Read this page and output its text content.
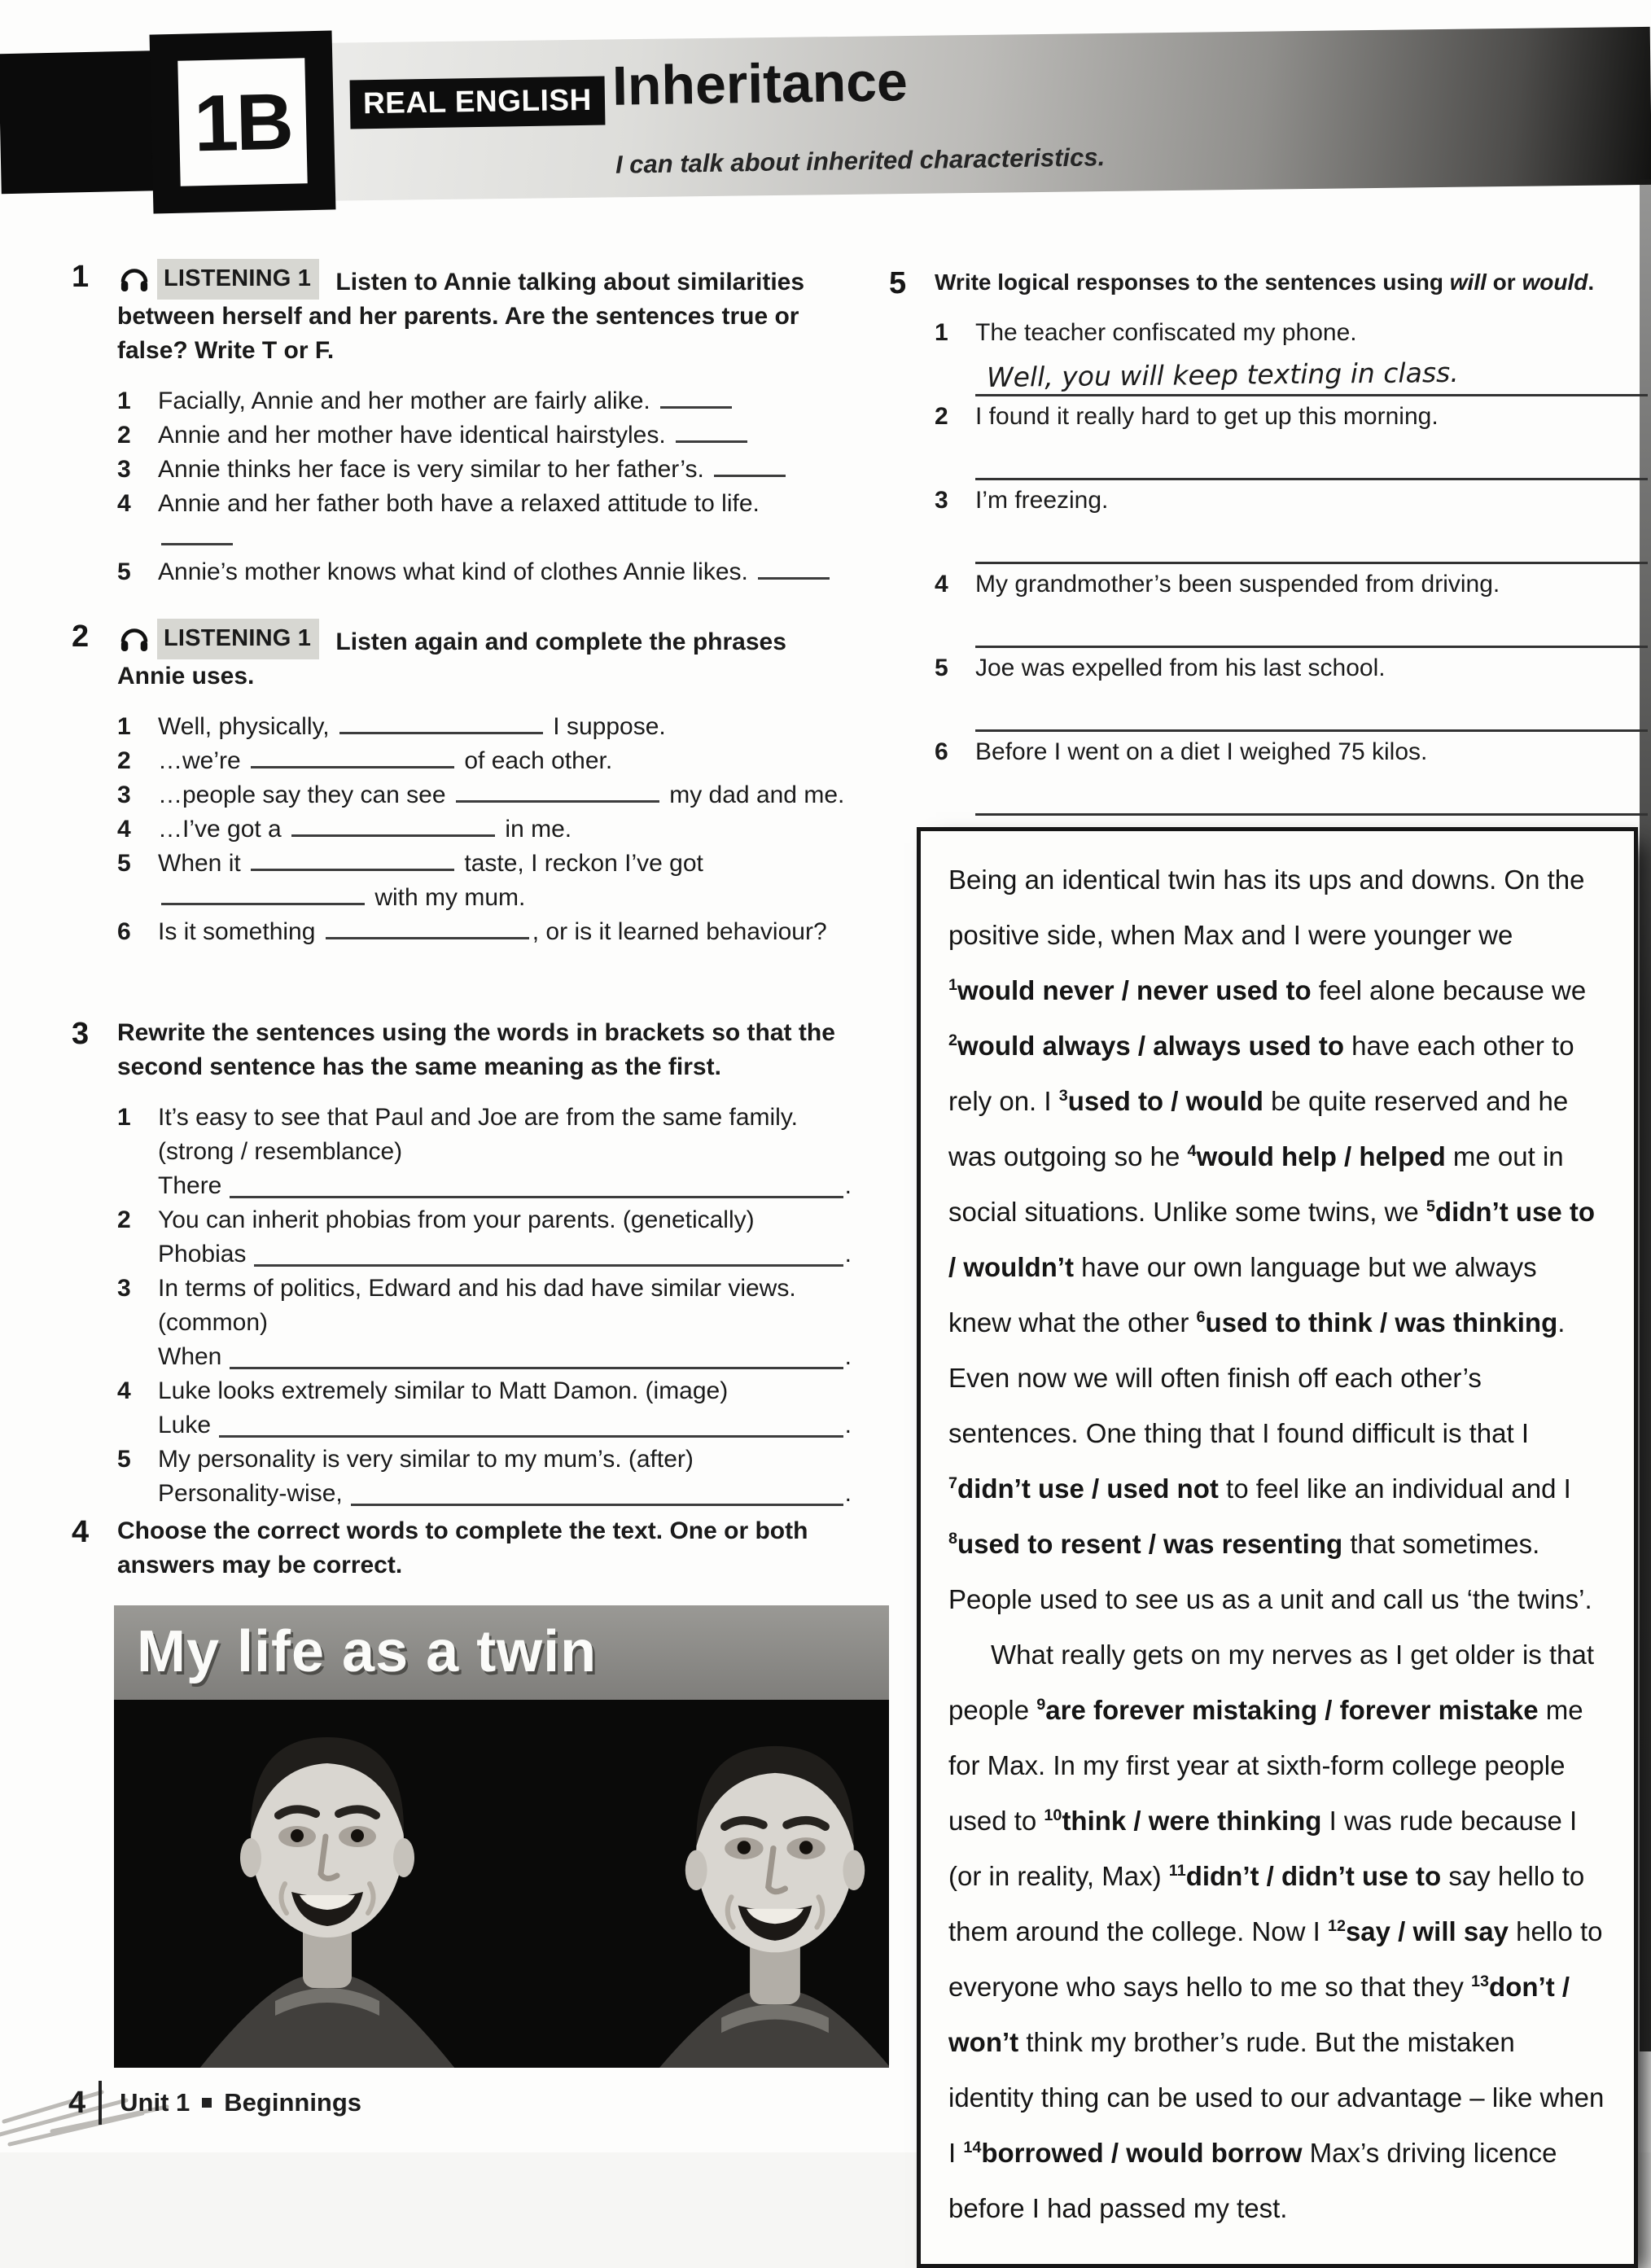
1B	REAL ENGLISH Inheritance
I can talk about inherited characteristics.
1	LISTENING 1	Listen to Annie talking about similarities between herself and her parents. Are the sentences true or false? Write T or F.

1	Facially, Annie and her mother are fairly alike.
2	Annie and her mother have identical hairstyles.
3	Annie thinks her face is very similar to her father’s.
4	Annie and her father both have a relaxed attitude to life.

5	Annie’s mother knows what kind of clothes Annie likes.
2	LISTENING 1	Listen again and complete the phrases Annie uses.

1	Well, physically,	I suppose.
2	…we’re	of each other.
3	…people say they can see	my dad and me.
4	…I’ve got a	in me.
5	When it	taste, I reckon I’ve got  with my mum.
6	Is it something	, or is it learned behaviour?
3	Rewrite the sentences using the words in brackets so that the second sentence has the same meaning as the first.

1	It’s easy to see that Paul and Joe are from the same family. (strong / resemblance)
There	.
2	You can inherit phobias from your parents. (genetically)
Phobias	.
3	In terms of politics, Edward and his dad have similar views. (common)
When	.
4	Luke looks extremely similar to Matt Damon. (image)
Luke	.
5	My personality is very similar to my mum’s. (after)
Personality-wise,	.
4	Choose the correct words to complete the text. One or both answers may be correct.

My life as a twin
5	Write logical responses to the sentences using will or would.

1	The teacher confiscated my phone.
Well, you will keep texting in class.
2	I found it really hard to get up this morning.
3	I’m freezing.
4	My grandmother’s been suspended from driving.
5	Joe was expelled from his last school.
6	Before I went on a diet I weighed 75 kilos.

Being an identical twin has its ups and downs. On the positive side, when Max and I were younger we $^1$would never / never used to feel alone because we $^2$would always / always used to have each other to rely on. I $^3$used to / would be quite reserved and he was outgoing so he $^4$would help / helped me out in social situations. Unlike some twins, we $^5$didn’t use to / wouldn’t have our own language but we always knew what the other $^6$used to think / was thinking. Even now we will often finish off each other’s sentences. One thing that I found difficult is that I $^7$didn’t use / used not to feel like an individual and I $^8$used to resent / was resenting that sometimes. People used to see us as a unit and call us ‘the twins’.

What really gets on my nerves as I get older is that people $^9$are forever mistaking / forever mistake me for Max. In my first year at sixth-form college people used to $^{10}$think / were thinking I was rude because I (or in reality, Max) $^{11}$didn’t / didn’t use to say hello to them around the college. Now I $^{12}$say / will say hello to everyone who says hello to me so that they $^{13}$don’t / won’t think my brother’s rude. But the mistaken identity thing can be used to our advantage – like when I $^{14}$borrowed / would borrow Max’s driving licence before I had passed my test.

4 Unit 1 Beginnings
